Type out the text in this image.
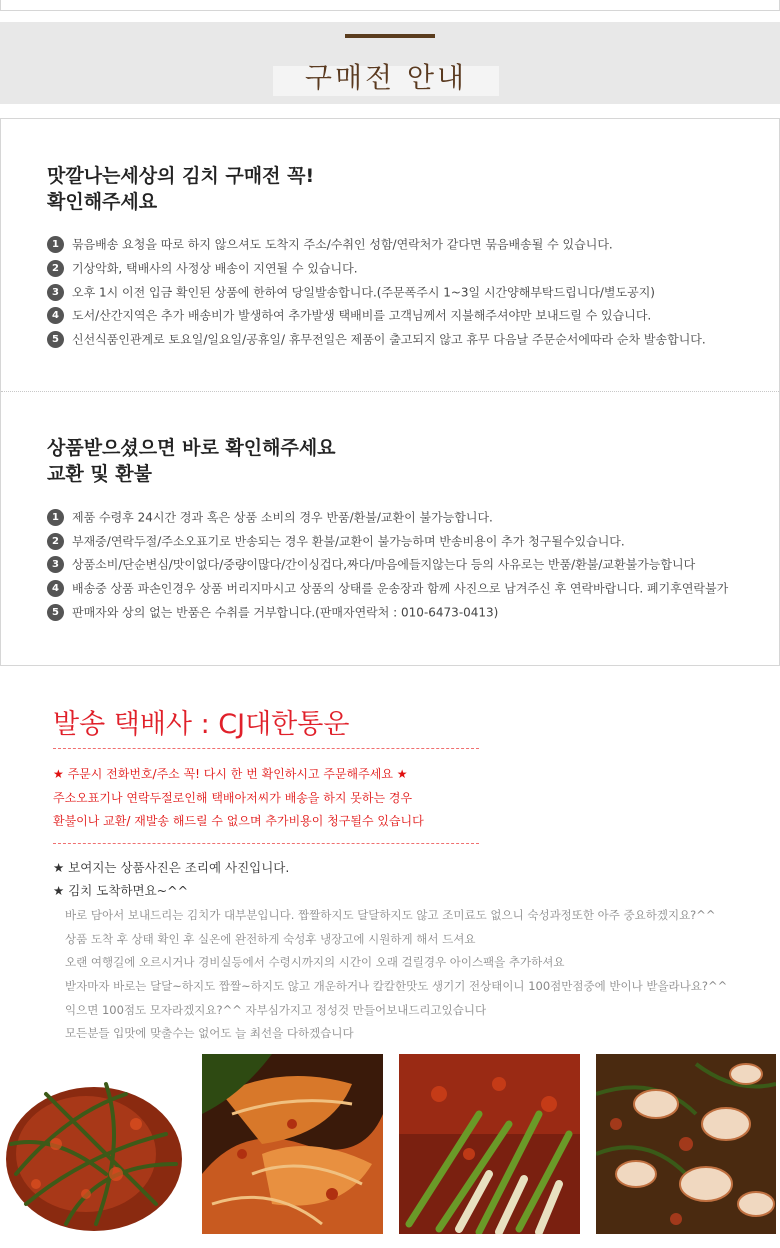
구매전 안내
맛깔나는세상의 김치 구매전 꼭!
확인해주세요
1 묶음배송 요청을 따로 하지 않으셔도 도착지 주소/수취인 성함/연락처가 같다면 묶음배송될 수 있습니다.
2 기상악화, 택배사의 사정상 배송이 지연될 수 있습니다.
3 오후 1시 이전 입금 확인된 상품에 한하여 당일발송합니다.(주문폭주시 1~3일 시간양해부탁드립니다/별도공지)
4 도서/산간지역은 추가 배송비가 발생하여 추가발생 택배비를 고객님께서 지불해주셔야만 보내드릴 수 있습니다.
5 신선식품인관계로 토요일/일요일/공휴일/ 휴무전일은 제품이 출고되지 않고 휴무 다음날 주문순서에따라 순차 발송합니다.
상품받으셨으면 바로 확인해주세요
교환 및 환불
1 제품 수령후 24시간 경과 혹은 상품 소비의 경우 반품/환불/교환이 불가능합니다.
2 부재중/연락두절/주소오표기로 반송되는 경우 환불/교환이 불가능하며 반송비용이 추가 청구될수있습니다.
3 상품소비/단순변심/맛이없다/중량이많다/간이싱겁다,짜다/마음에들지않는다 등의 사유로는 반품/환불/교환불가능합니다
4 배송중 상품 파손인경우 상품 버리지마시고 상품의 상태를 운송장과 함께 사진으로 남겨주신 후 연락바랍니다. 폐기후연락불가
5 판매자와 상의 없는 반품은 수취를 거부합니다.(판매자연락처 : 010-6473-0413)
발송 택배사 : CJ대한통운
★ 주문시 전화번호/주소 꼭! 다시 한 번 확인하시고 주문해주세요 ★
주소오표기나 연락두절로인해 택배아저씨가 배송을 하지 못하는 경우
환불이나 교환/ 재발송 해드릴 수 없으며 추가비용이 청구될수 있습니다
★ 보여지는 상품사진은 조리예 사진입니다.
★ 김치 도착하면요~^^
바로 담아서 보내드리는 김치가 대부분입니다. 짭짤하지도 달달하지도 않고 조미료도 없으니 숙성과정또한 아주 중요하겠지요?^^
상품 도착 후 상태 확인 후 실온에 완전하게 숙성후 냉장고에 시원하게 해서 드셔요
오랜 여행길에 오르시거나 경비실등에서 수령시까지의 시간이 오래 걸릴경우 아이스팩을 추가하셔요
받자마자 바로는 달달~하지도 짭짤~하지도 않고 개운하거나 칼칼한맛도 생기기 전상태이니 100점만점중에 반이나 받을라나요?^^
익으면 100점도 모자라겠지요?^^ 자부심가지고 정성것 만들어보내드리고있습니다
모든분들 입맛에 맞출수는 없어도 늘 최선을 다하겠습니다
